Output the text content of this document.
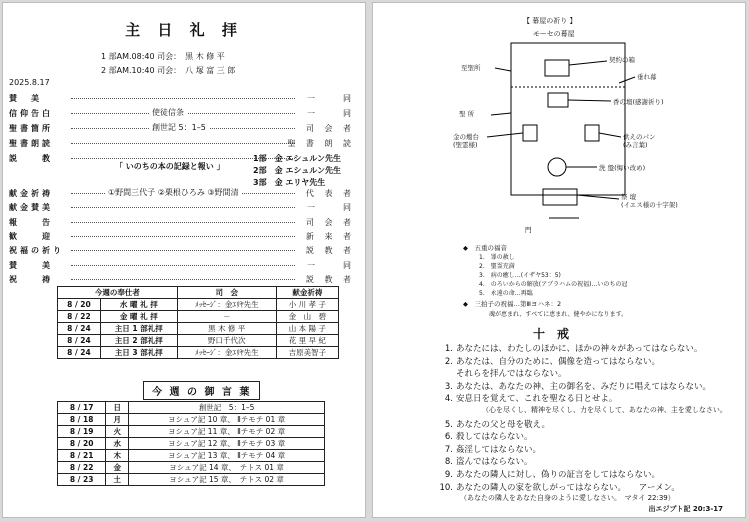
主 日 礼 拝
1 部AM.08:40 司会：　黒 木 修 平
2 部AM.10:40 司会：　八 塚 富 三 郎
2025.8.17
賛　美	一　　同
信仰告白	使徒信条	一　　同
聖書箇所	創世記 5：1–5	司 会 者
聖書朗読	聖 書 朗 読
説　　教
「 いのちの本の記録と報い 」
1部　金 エシュルン先生
2部　金 エシュルン先生
3部　金 エリヤ先生
献金祈祷	①野間三代子 ②栗根ひろみ ③野間清	代 表 者
献金賛美	一　　同
報　　告	司 会 者
歓　　迎	新 来 者
祝福の祈り	説 教 者
賛　　美	一　　同
祝　　祷	説 教 者
今週の奉仕者		司　会	献金祈祷
8 / 20	水 曜 礼 拝	ﾒｯｾｰｼﾞ：金ｴﾘﾔ先生	小 川 孝 子
8 / 22	金 曜 礼 拝	－	金　山　碧
8 / 24	主日 1 部礼拝	黒 木 修 平	山 本 陽 子
8 / 24	主日 2 部礼拝	野口千代次	花 里 早 紀
8 / 24	主日 3 部礼拝	ﾒｯｾｰｼﾞ：金ｴﾘﾔ先生	吉原美智子
今 週 の 御 言 葉
8 / 17	日	創世記　5：1–5
8 / 18	月	ヨシュア記 10 章、 Ⅱテモテ 01 章
8 / 19	火	ヨシュア記 11 章、 Ⅱテモテ 02 章
8 / 20	水	ヨシュア記 12 章、 Ⅱテモテ 03 章
8 / 21	木	ヨシュア記 13 章、 Ⅱテモテ 04 章
8 / 22	金	ヨシュア記 14 章、　テトス 01 章
8 / 23	土	ヨシュア記 15 章、　テトス 02 章
【 幕屋の祈り 】
モーセの幕屋
至聖所
契約の箱
垂れ幕
香の壇(感謝祈り)
聖 所
金の燭台
(聖霊様)
供えのパン
(み言葉)
洗 盤(悔い改め)
祭 壇
(イエス様の十字架)
門
◆　五重の福音
1.　罪の赦し
2.　聖霊充満
3.　病の癒し…(イザヤ53：5)
4.　のろいからの解放(アブラハムの祝福)…いのちの冠
5.　永遠の命…再臨
◆　三拍子の祝福…第Ⅲヨハネ：2
魂が恵まれ、すべてに恵まれ、健やかになります。
十　戒
1. あなたには、わたしのほかに、ほかの神々があってはならない。
2. あなたは、自分のために、偶像を造ってはならない。
それらを拝んではならない。
3. あなたは、あなたの神、主の御名を、みだりに唱えてはならない。
4. 安息日を覚えて、これを聖なる日とせよ。
（心を尽くし、精神を尽くし、力を尽くして、あなたの神、主を愛しなさい。
5. あなたの父と母を敬え。
6. 殺してはならない。
7. 姦淫してはならない。
8. 盗んではならない。
9. あなたの隣人に対し、偽りの証言をしてはならない。
10. あなたの隣人の家を欲しがってはならない。　　アーメン。
（あなたの隣人をあなた自身のように愛しなさい。　マタイ 22:39）
出エジプト記 20:3-17
